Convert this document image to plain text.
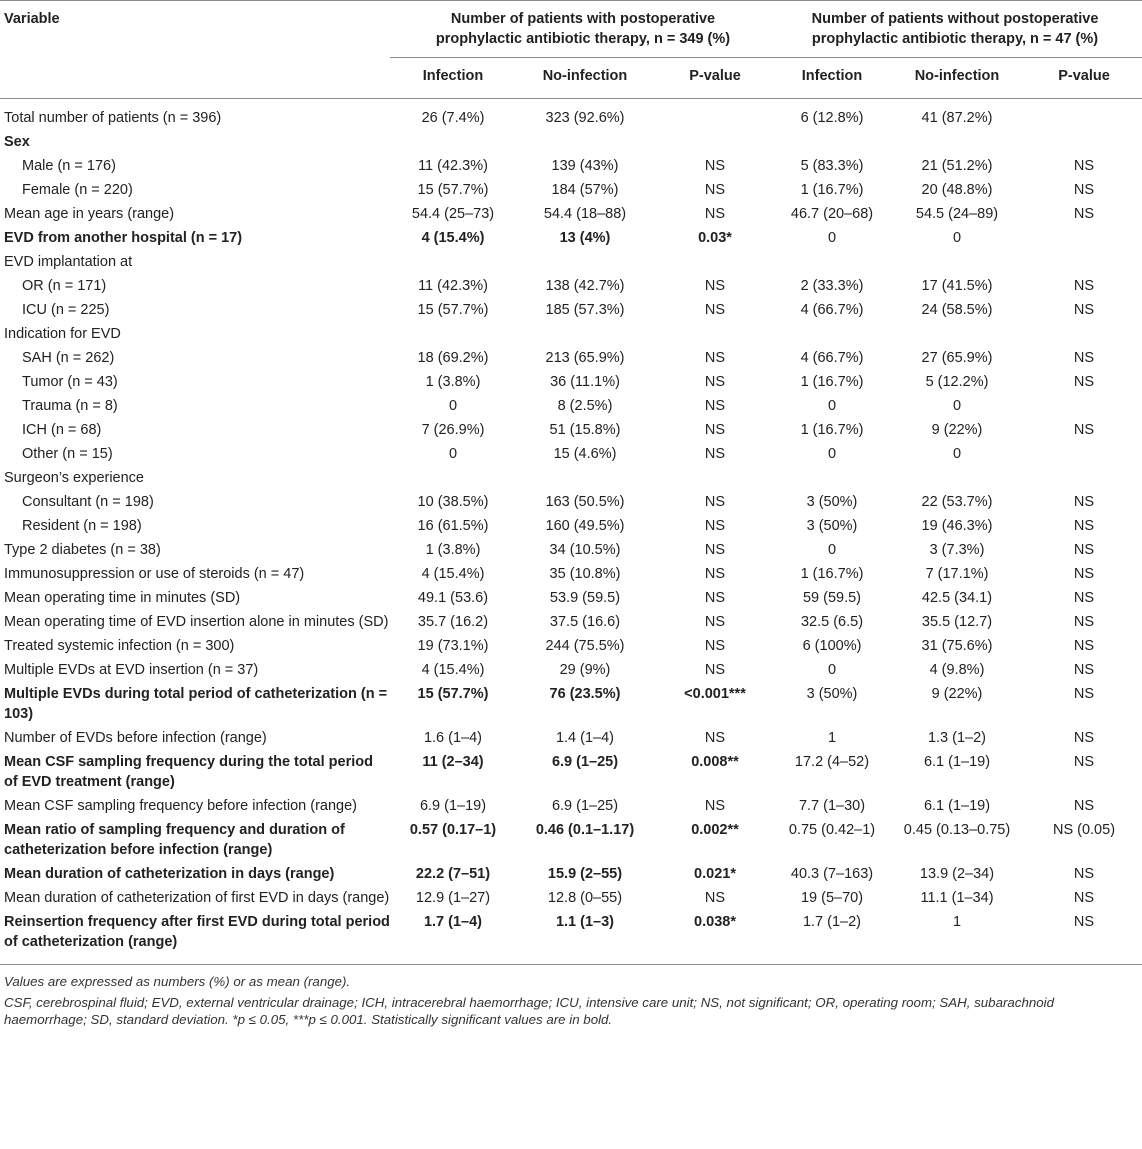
Variable	Number of patients with postoperative prophylactic antibiotic therapy, n = 349 (%)			Number of patients without postoperative prophylactic antibiotic therapy, n = 47 (%)		
	Infection	No-infection	P-value	Infection	No-infection	P-value
Total number of patients (n = 396)	26 (7.4%)	323 (92.6%)		6 (12.8%)	41 (87.2%)	
Sex						
Male (n = 176)	11 (42.3%)	139 (43%)	NS	5 (83.3%)	21 (51.2%)	NS
Female (n = 220)	15 (57.7%)	184 (57%)	NS	1 (16.7%)	20 (48.8%)	NS
Mean age in years (range)	54.4 (25–73)	54.4 (18–88)	NS	46.7 (20–68)	54.5 (24–89)	NS
EVD from another hospital (n = 17)	4 (15.4%)	13 (4%)	0.03*	0	0	
EVD implantation at						
OR (n = 171)	11 (42.3%)	138 (42.7%)	NS	2 (33.3%)	17 (41.5%)	NS
ICU (n = 225)	15 (57.7%)	185 (57.3%)	NS	4 (66.7%)	24 (58.5%)	NS
Indication for EVD						
SAH (n = 262)	18 (69.2%)	213 (65.9%)	NS	4 (66.7%)	27 (65.9%)	NS
Tumor (n = 43)	1 (3.8%)	36 (11.1%)	NS	1 (16.7%)	5 (12.2%)	NS
Trauma (n = 8)	0	8 (2.5%)	NS	0	0	
ICH (n = 68)	7 (26.9%)	51 (15.8%)	NS	1 (16.7%)	9 (22%)	NS
Other (n = 15)	0	15 (4.6%)	NS	0	0	
Surgeon’s experience						
Consultant (n = 198)	10 (38.5%)	163 (50.5%)	NS	3 (50%)	22 (53.7%)	NS
Resident (n = 198)	16 (61.5%)	160 (49.5%)	NS	3 (50%)	19 (46.3%)	NS
Type 2 diabetes (n = 38)	1 (3.8%)	34 (10.5%)	NS	0	3 (7.3%)	NS
Immunosuppression or use of steroids (n = 47)	4 (15.4%)	35 (10.8%)	NS	1 (16.7%)	7 (17.1%)	NS
Mean operating time in minutes (SD)	49.1 (53.6)	53.9 (59.5)	NS	59 (59.5)	42.5 (34.1)	NS
Mean operating time of EVD insertion alone in minutes (SD)	35.7 (16.2)	37.5 (16.6)	NS	32.5 (6.5)	35.5 (12.7)	NS
Treated systemic infection (n = 300)	19 (73.1%)	244 (75.5%)	NS	6 (100%)	31 (75.6%)	NS
Multiple EVDs at EVD insertion (n = 37)	4 (15.4%)	29 (9%)	NS	0	4 (9.8%)	NS
Multiple EVDs during total period of catheterization (n = 103)	15 (57.7%)	76 (23.5%)	<0.001***	3 (50%)	9 (22%)	NS
Number of EVDs before infection (range)	1.6 (1–4)	1.4 (1–4)	NS	1	1.3 (1–2)	NS
Mean CSF sampling frequency during the total period of EVD treatment (range)	11 (2–34)	6.9 (1–25)	0.008**	17.2 (4–52)	6.1 (1–19)	NS
Mean CSF sampling frequency before infection (range)	6.9 (1–19)	6.9 (1–25)	NS	7.7 (1–30)	6.1 (1–19)	NS
Mean ratio of sampling frequency and duration of catheterization before infection (range)	0.57 (0.17–1)	0.46 (0.1–1.17)	0.002**	0.75 (0.42–1)	0.45 (0.13–0.75)	NS (0.05)
Mean duration of catheterization in days (range)	22.2 (7–51)	15.9 (2–55)	0.021*	40.3 (7–163)	13.9 (2–34)	NS
Mean duration of catheterization of first EVD in days (range)	12.9 (1–27)	12.8 (0–55)	NS	19 (5–70)	11.1 (1–34)	NS
Reinsertion frequency after first EVD during total period of catheterization (range)	1.7 (1–4)	1.1 (1–3)	0.038*	1.7 (1–2)	1	NS

Values are expressed as numbers (%) or as mean (range).

CSF, cerebrospinal fluid; EVD, external ventricular drainage; ICH, intracerebral haemorrhage; ICU, intensive care unit; NS, not significant; OR, operating room; SAH, subarachnoid haemorrhage; SD, standard deviation. *p ≤ 0.05, ***p ≤ 0.001. Statistically significant values are in bold.
